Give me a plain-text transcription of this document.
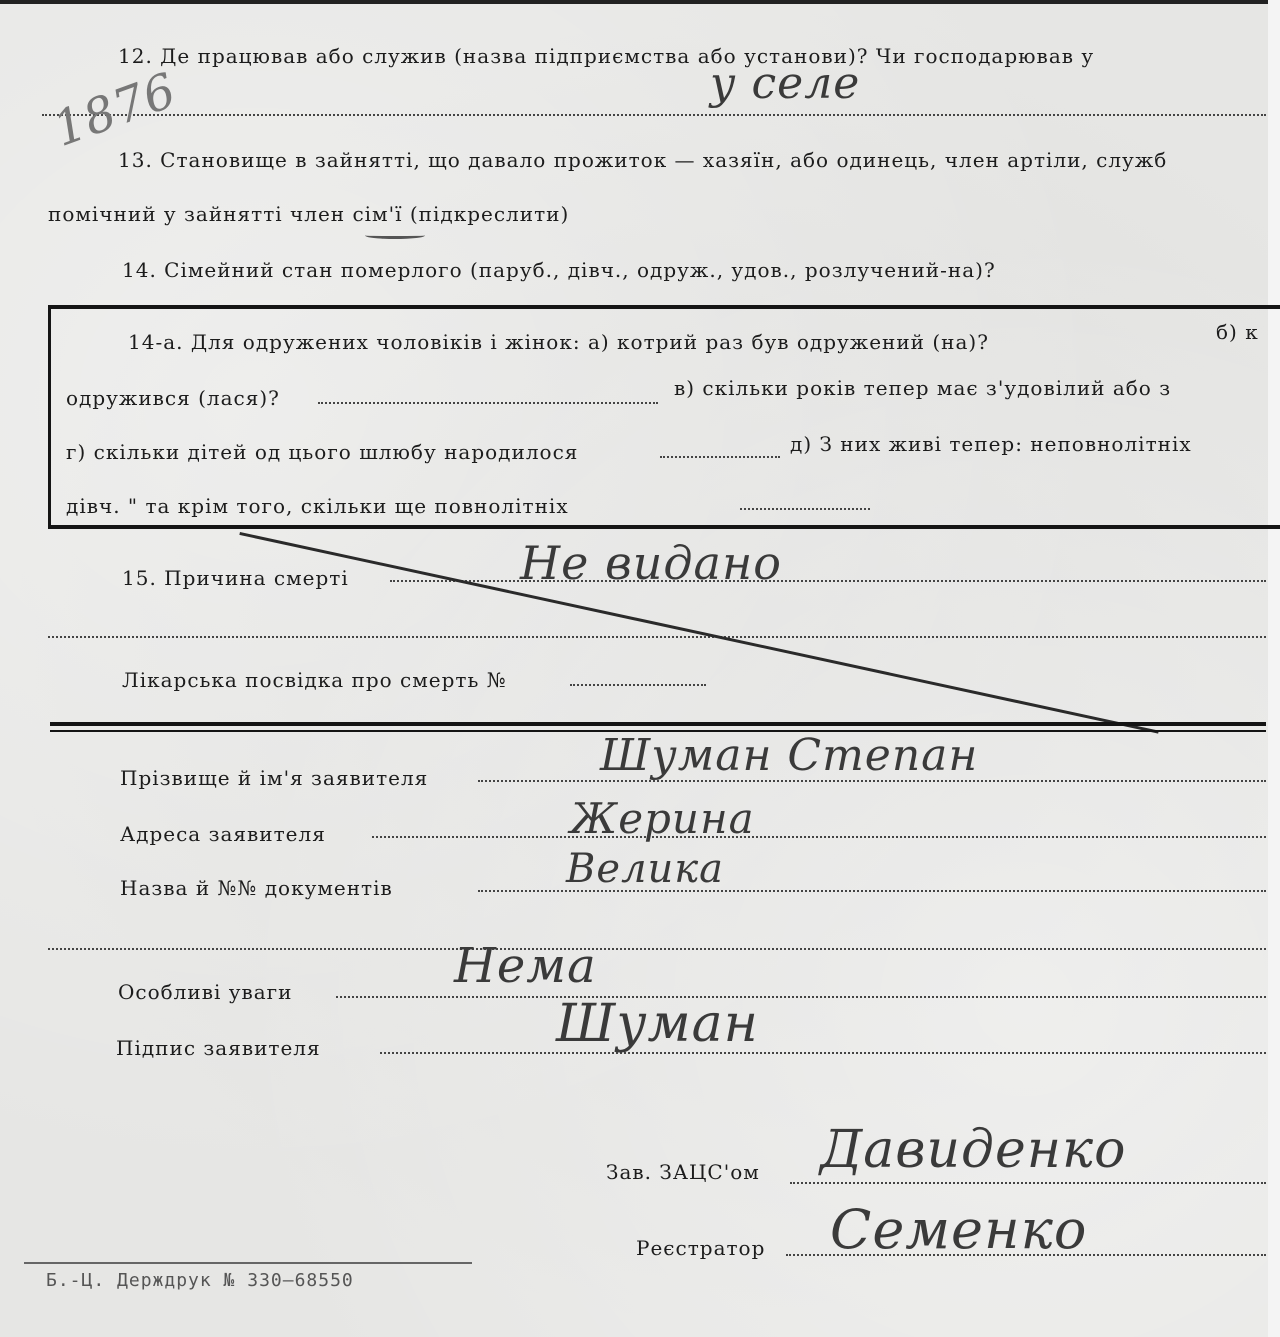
12. Де працював або служив (назва підприємства або установи)? Чи господарював у
у селе
1876
13. Становище в зайнятті, що давало прожиток — хазяїн, або одинець, член артіли, служб
помічний у зайнятті член сім'ї (підкреслити)
14. Сімейний стан померлого (паруб., дівч., одруж., удов., розлучений-на)?
14-а. Для одружених чоловіків і жінок: а) котрий раз був одружений (на)?	б) к
одружився (лася)?	в) скільки років тепер має з'удовілий або з
г) скільки дітей од цього шлюбу народилося	д) З них живі тепер: неповнолітніх
дівч. " та крім того, скільки ще повнолітніх
15. Причина смерті	Не видано
Лікарська посвідка про смерть №
Прізвище й ім'я заявителя	Шуман Степан
Адреса заявителя	Жерина
Назва й №№ документів	Велика
Особливі уваги	Нема
Підпис заявителя	Шуман
Зав. ЗАЦС'ом Давиденко
Реєстратор Семенко
Б.-Ц. Держдрук № 330—68550
